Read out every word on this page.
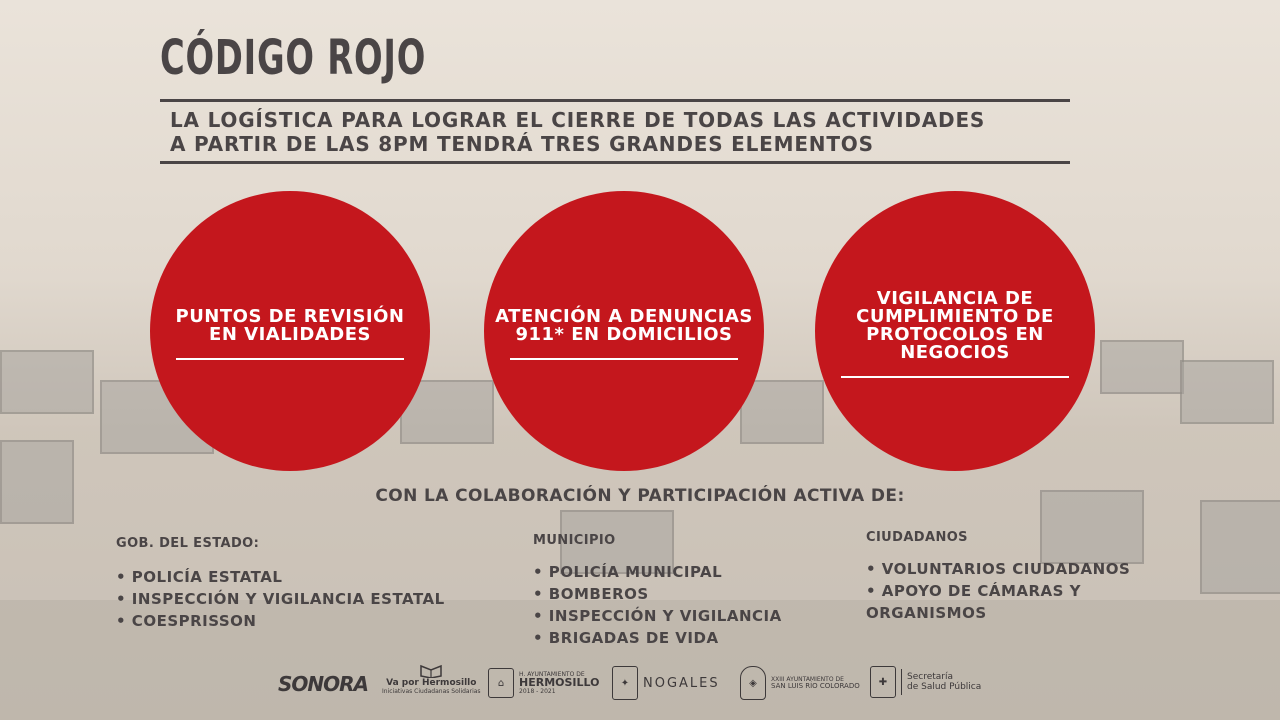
CÓDIGO ROJO
LA LOGÍSTICA PARA LOGRAR EL CIERRE DE TODAS LAS ACTIVIDADES
A PARTIR DE LAS 8PM TENDRÁ TRES GRANDES ELEMENTOS
PUNTOS DE REVISIÓN
EN VIALIDADES
ATENCIÓN A DENUNCIAS
911* EN DOMICILIOS
VIGILANCIA DE
CUMPLIMIENTO DE
PROTOCOLOS EN
NEGOCIOS
CON LA COLABORACIÓN Y PARTICIPACIÓN ACTIVA DE:
GOB. DEL ESTADO:
• POLICÍA ESTATAL
• INSPECCIÓN Y VIGILANCIA ESTATAL
• COESPRISSON
MUNICIPIO
• POLICÍA MUNICIPAL
• BOMBEROS
• INSPECCIÓN Y VIGILANCIA
• BRIGADAS DE VIDA
CIUDADANOS
• VOLUNTARIOS CIUDADANOS
• APOYO DE CÁMARAS Y
ORGANISMOS
SONORA Va por Hermosillo
Iniciativas Ciudadanas Solidarias
⌂
H. AYUNTAMIENTO DE
HERMOSILLO
2018 - 2021
✦	NOGALES	◈	XXIII AYUNTAMIENTO DE
SAN LUIS RÍO COLORADO	✚	Secretaría
de Salud Pública
